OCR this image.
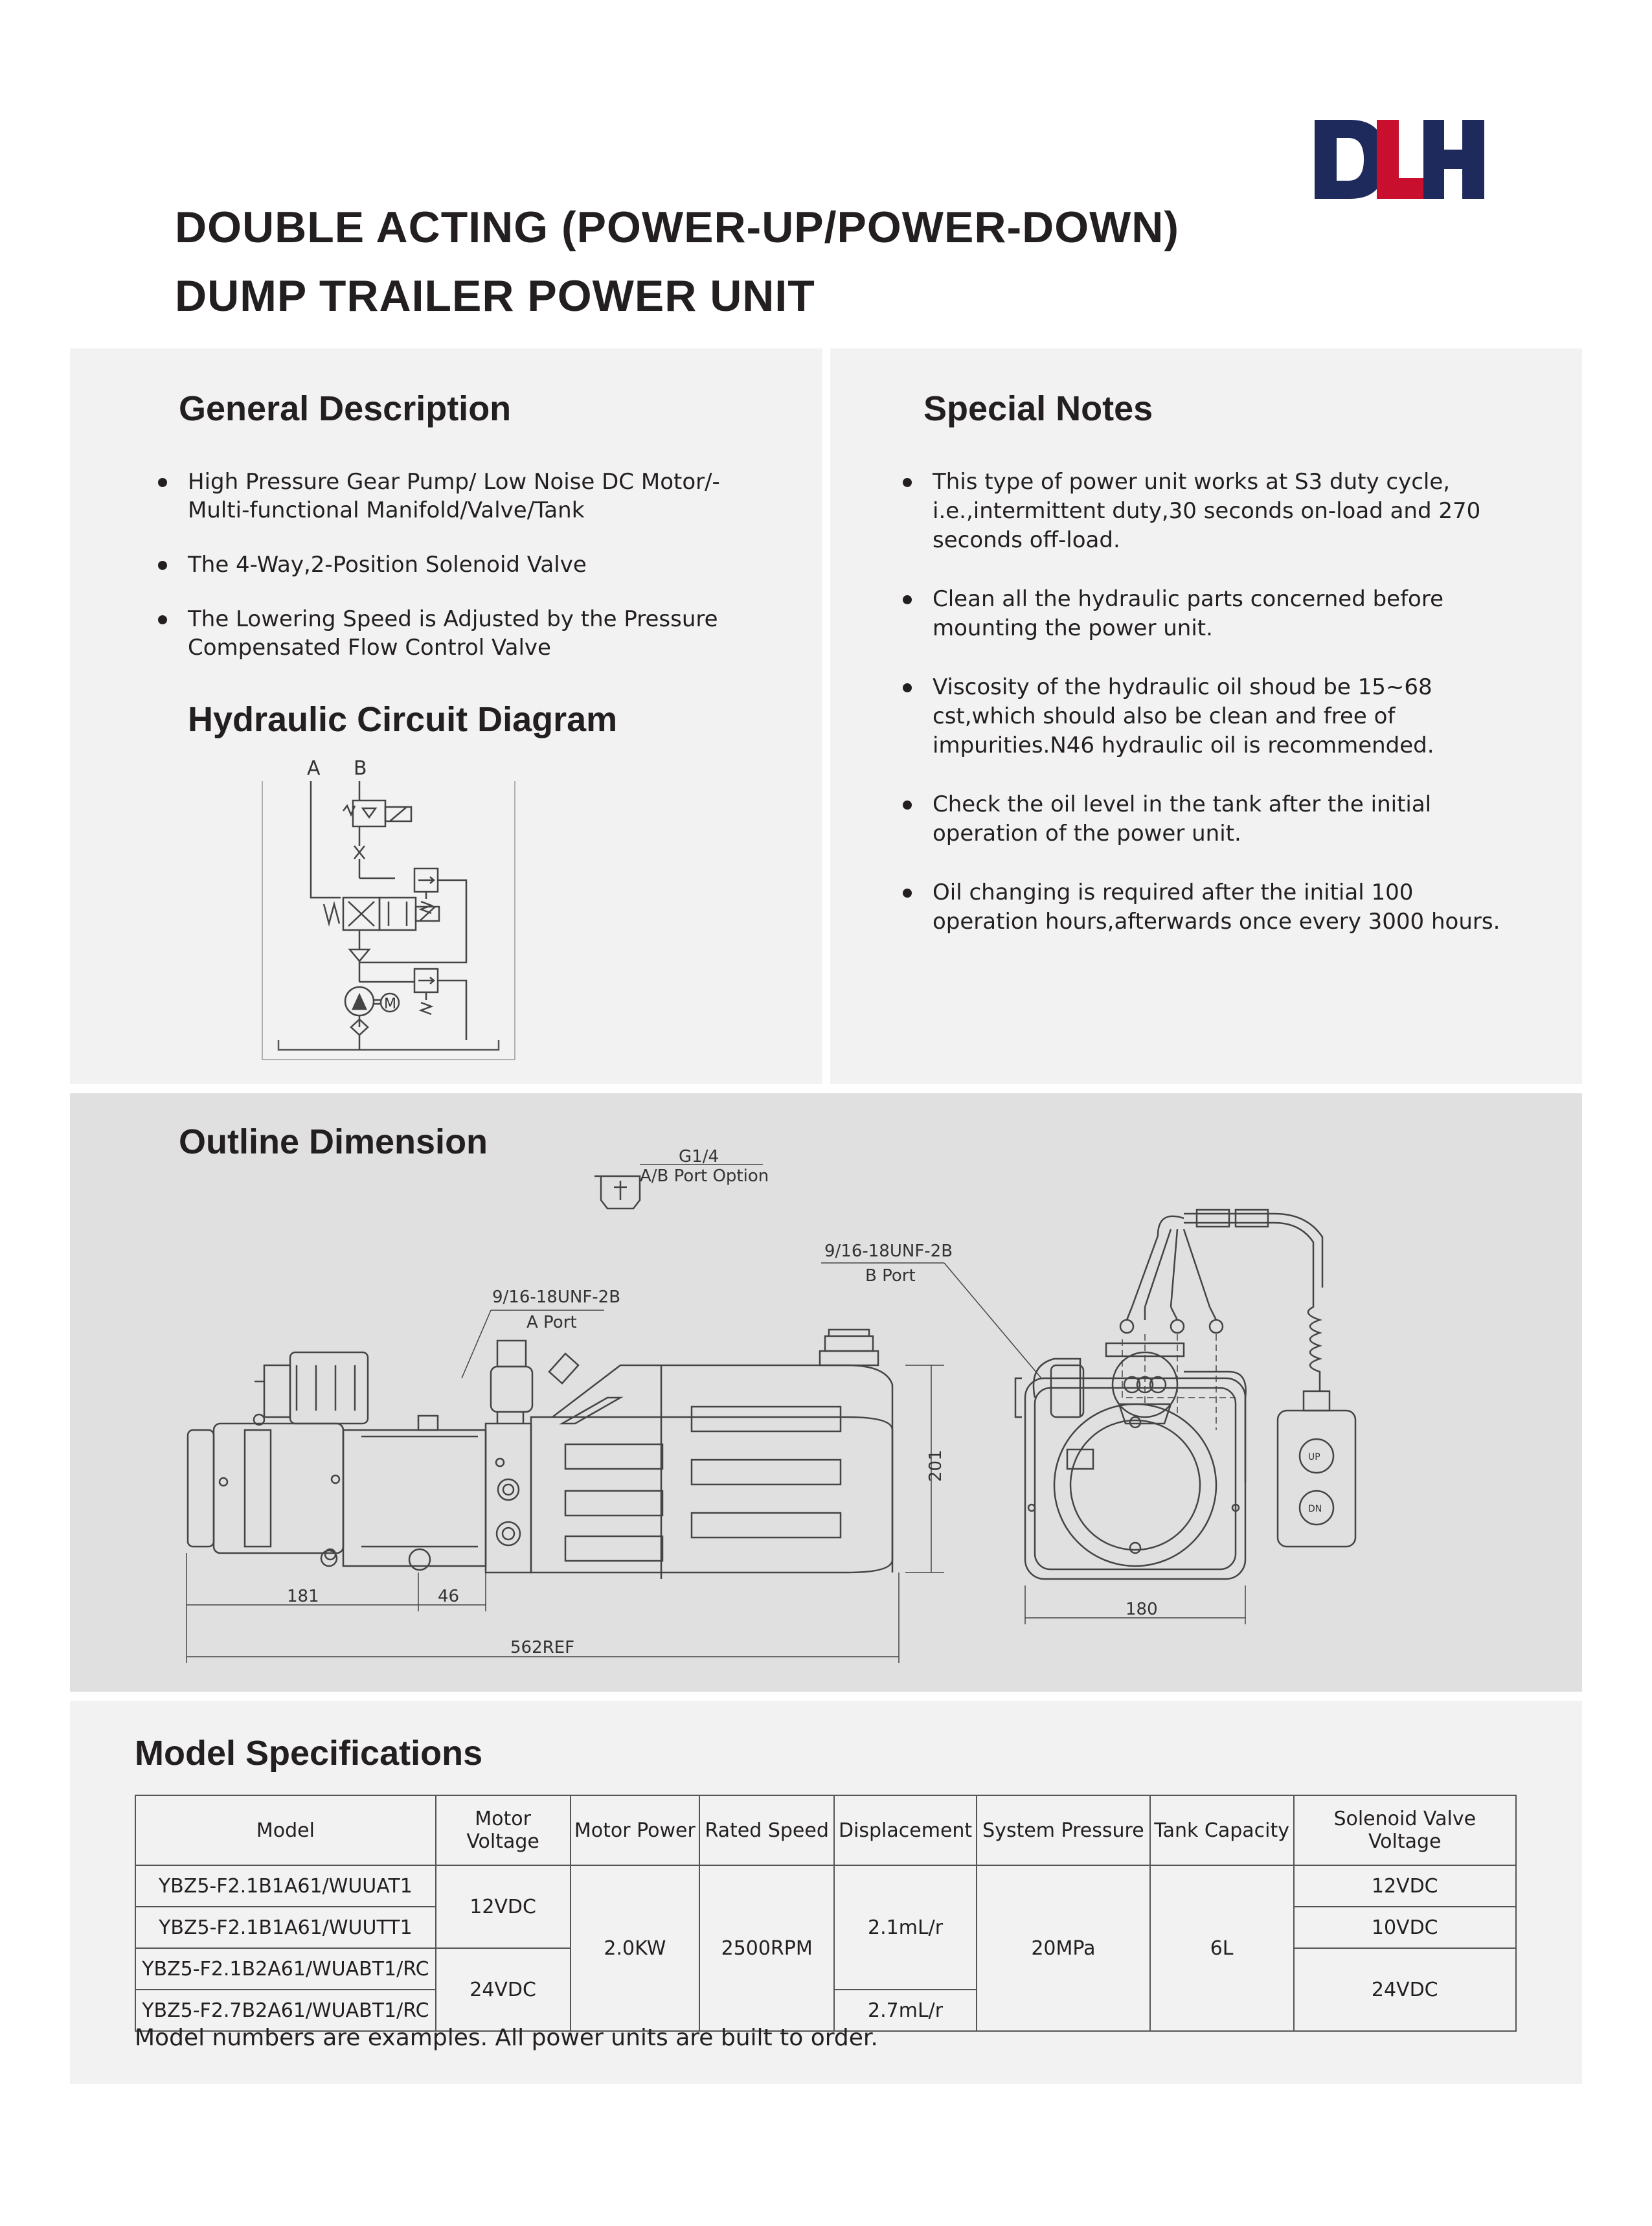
DOUBLE ACTING (POWER-UP/POWER-DOWN)
DUMP TRAILER POWER UNIT
General Description
High Pressure Gear Pump/ Low Noise DC Motor/- Multi-functional Manifold/Valve/Tank
The 4-Way,2-Position Solenoid Valve
The Lowering Speed is Adjusted by the Pressure Compensated Flow Control Valve
Hydraulic Circuit Diagram
A B
M
Special Notes
This type of power unit works at S3 duty cycle, i.e.,intermittent duty,30 seconds on-load and 270 seconds off-load.
Clean all the hydraulic parts concerned before mounting the power unit.
Viscosity of the hydraulic oil shoud be 15~68 cst,which should also be clean and free of impurities.N46 hydraulic oil is recommended.
Check the oil level in the tank after the initial operation of the power unit.
Oil changing is required after the initial 100 operation hours,afterwards once every 3000 hours.
Outline Dimension	G1/4
A/B Port Option
9/16-18UNF-2B
B Port
9/16-18UNF-2B
A Port
201
181	46
562REF
180
UP
DN
Model Specifications
Model	Motor Voltage	Motor Power	Rated Speed	Displacement	System Pressure	Tank Capacity	Solenoid Valve Voltage
YBZ5-F2.1B1A61/WUUAT1	12VDC	2.0KW	2500RPM	2.1mL/r	20MPa	6L	12VDC
YBZ5-F2.1B1A61/WUUTT1							10VDC
YBZ5-F2.1B2A61/WUABT1/RC	24VDC						24VDC
YBZ5-F2.7B2A61/WUABT1/RC				2.7mL/r			
Model numbers are examples. All power units are built to order.
